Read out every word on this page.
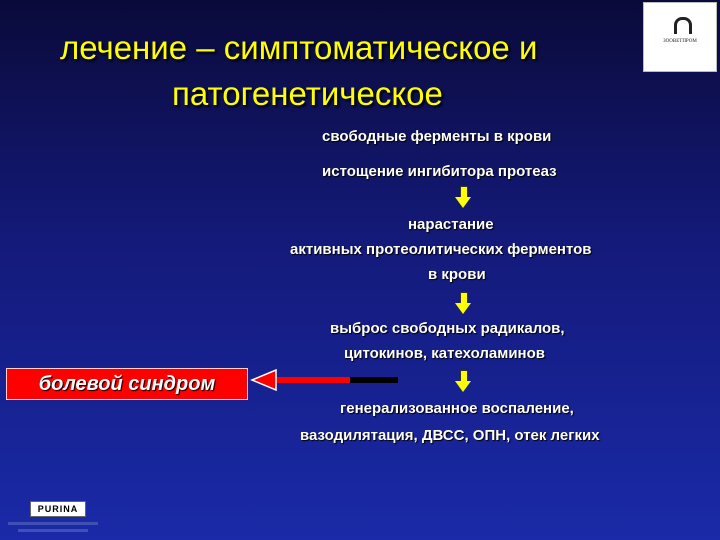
лечение – симптоматическое и
патогенетическое
ЗООВЕТПРОМ
свободные ферменты в крови
истощение ингибитора протеаз
нарастание
активных протеолитических ферментов
в крови
выброс свободных радикалов,
цитокинов, катехоламинов
болевой синдром
генерализованное воспаление,
вазодилятация, ДВСС, ОПН, отек легких
PURINA
